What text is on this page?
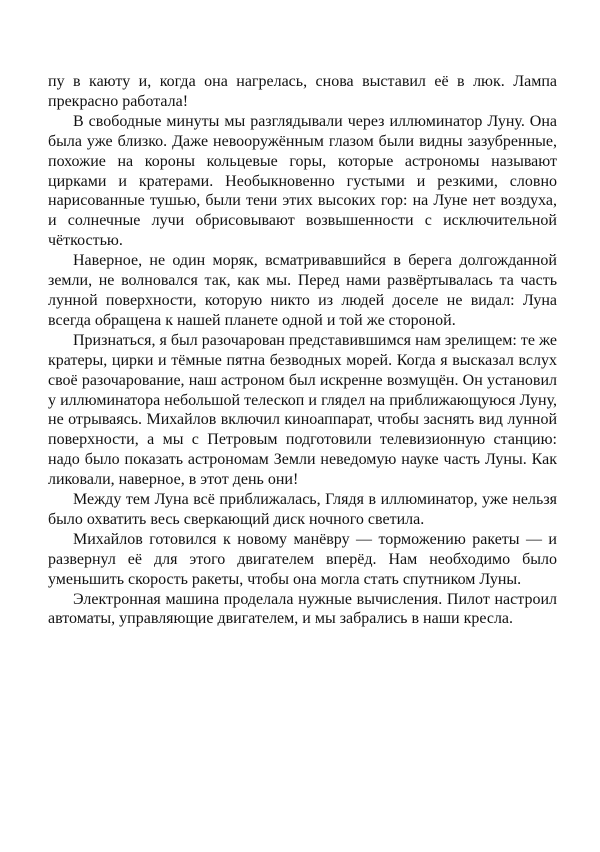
пу в каюту и, когда она нагрелась, снова выставил её в люк. Лампа прекрасно работала!

В свободные минуты мы разглядывали через иллюминатор Луну. Она была уже близко. Даже невооружённым глазом были видны зазубренные, похожие на короны кольцевые горы, которые астрономы называют цирками и кратерами. Необыкновенно густыми и резкими, словно нарисованные тушью, были тени этих высоких гор: на Луне нет воздуха, и солнечные лучи обрисовывают возвышенности с исключительной чёткостью.

Наверное, не один моряк, всматривавшийся в берега долгожданной земли, не волновался так, как мы. Перед нами развёртывалась та часть лунной поверхности, которую никто из людей доселе не видал: Луна всегда обращена к нашей планете одной и той же стороной.

Признаться, я был разочарован представившимся нам зрелищем: те же кратеры, цирки и тёмные пятна безводных морей. Когда я высказал вслух своё разочарование, наш астроном был искренне возмущён. Он установил у иллюминатора небольшой телескоп и глядел на приближающуюся Луну, не отрываясь. Михайлов включил киноаппарат, чтобы заснять вид лунной поверхности, а мы с Петровым подготовили телевизионную станцию: надо было показать астрономам Земли неведомую науке часть Луны. Как ликовали, наверное, в этот день они!

Между тем Луна всё приближалась, Глядя в иллюминатор, уже нельзя было охватить весь сверкающий диск ночного светила.

Михайлов готовился к новому манёвру — торможению ракеты — и развернул её для этого двигателем вперёд. Нам необходимо было уменьшить скорость ракеты, чтобы она могла стать спутником Луны.

Электронная машина проделала нужные вычисления. Пилот настроил автоматы, управляющие двигателем, и мы забрались в наши кресла.
